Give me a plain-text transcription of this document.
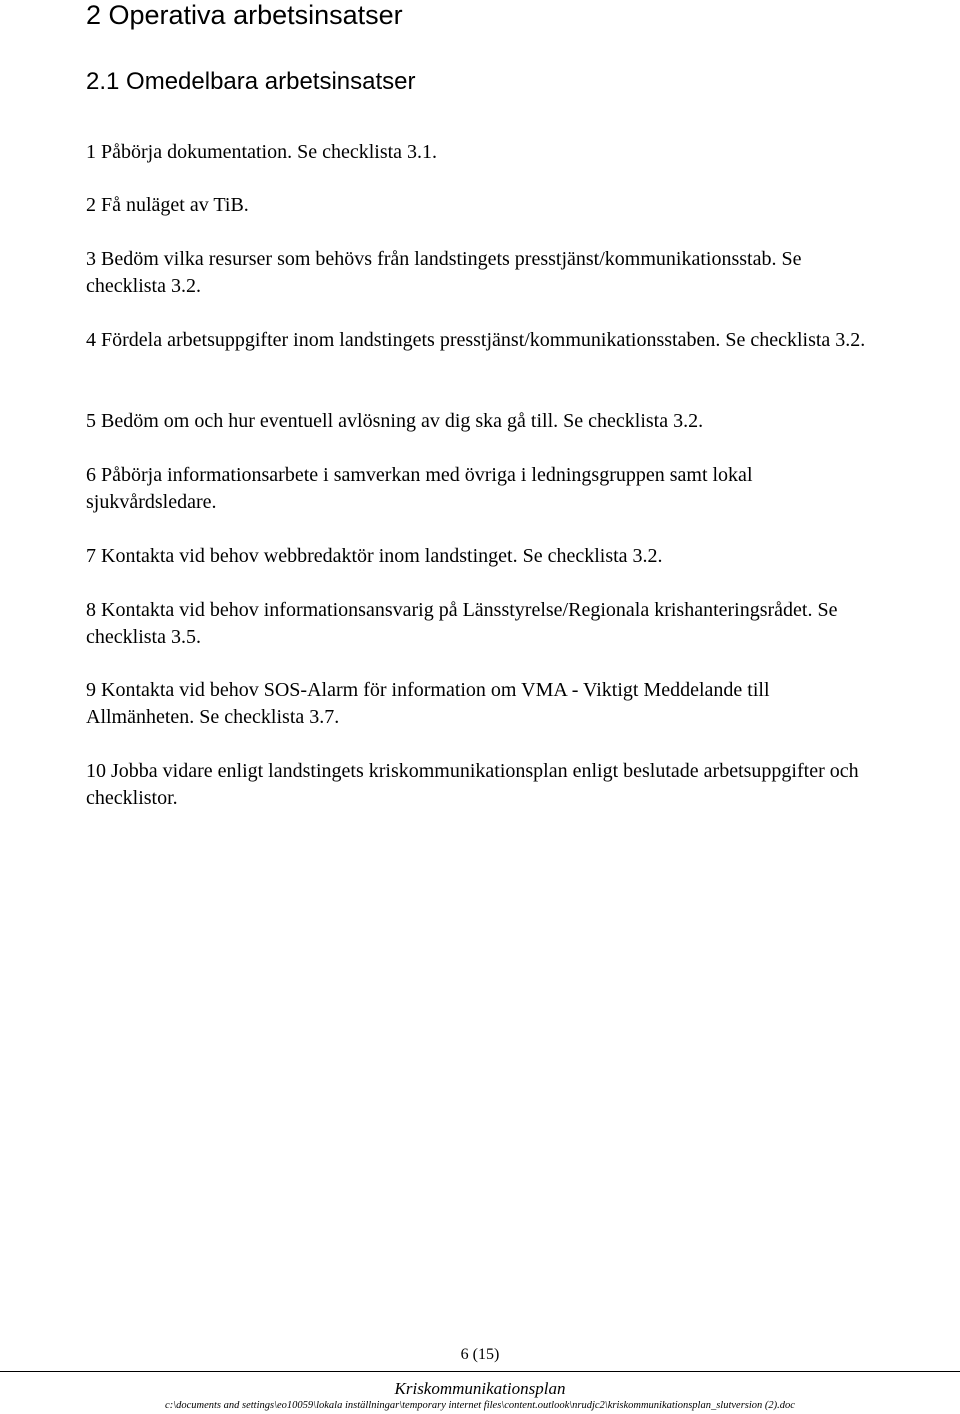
2 Operativa arbetsinsatser
2.1 Omedelbara arbetsinsatser
1 Påbörja dokumentation. Se checklista 3.1.
2 Få nuläget av TiB.
3 Bedöm vilka resurser som behövs från landstingets presstjänst/kommunikationsstab. Se checklista 3.2.
4 Fördela arbetsuppgifter inom landstingets presstjänst/kommunikationsstaben. Se checklista 3.2.
5 Bedöm om och hur eventuell avlösning av dig ska gå till. Se checklista 3.2.
6 Påbörja informationsarbete i samverkan med övriga i ledningsgruppen samt lokal sjukvårdsledare.
7 Kontakta vid behov webbredaktör inom landstinget. Se checklista 3.2.
8 Kontakta vid behov informationsansvarig på Länsstyrelse/Regionala krishanteringsrådet. Se checklista 3.5.
9 Kontakta vid behov SOS-Alarm för information om VMA - Viktigt Meddelande till Allmänheten. Se checklista 3.7.
10 Jobba vidare enligt landstingets kriskommunikationsplan enligt beslutade arbetsuppgifter och checklistor.
6 (15)
Kriskommunikationsplan
c:\documents and settings\eo10059\lokala inställningar\temporary internet files\content.outlook\nrudjc2\kriskommunikationsplan_slutversion (2).doc
